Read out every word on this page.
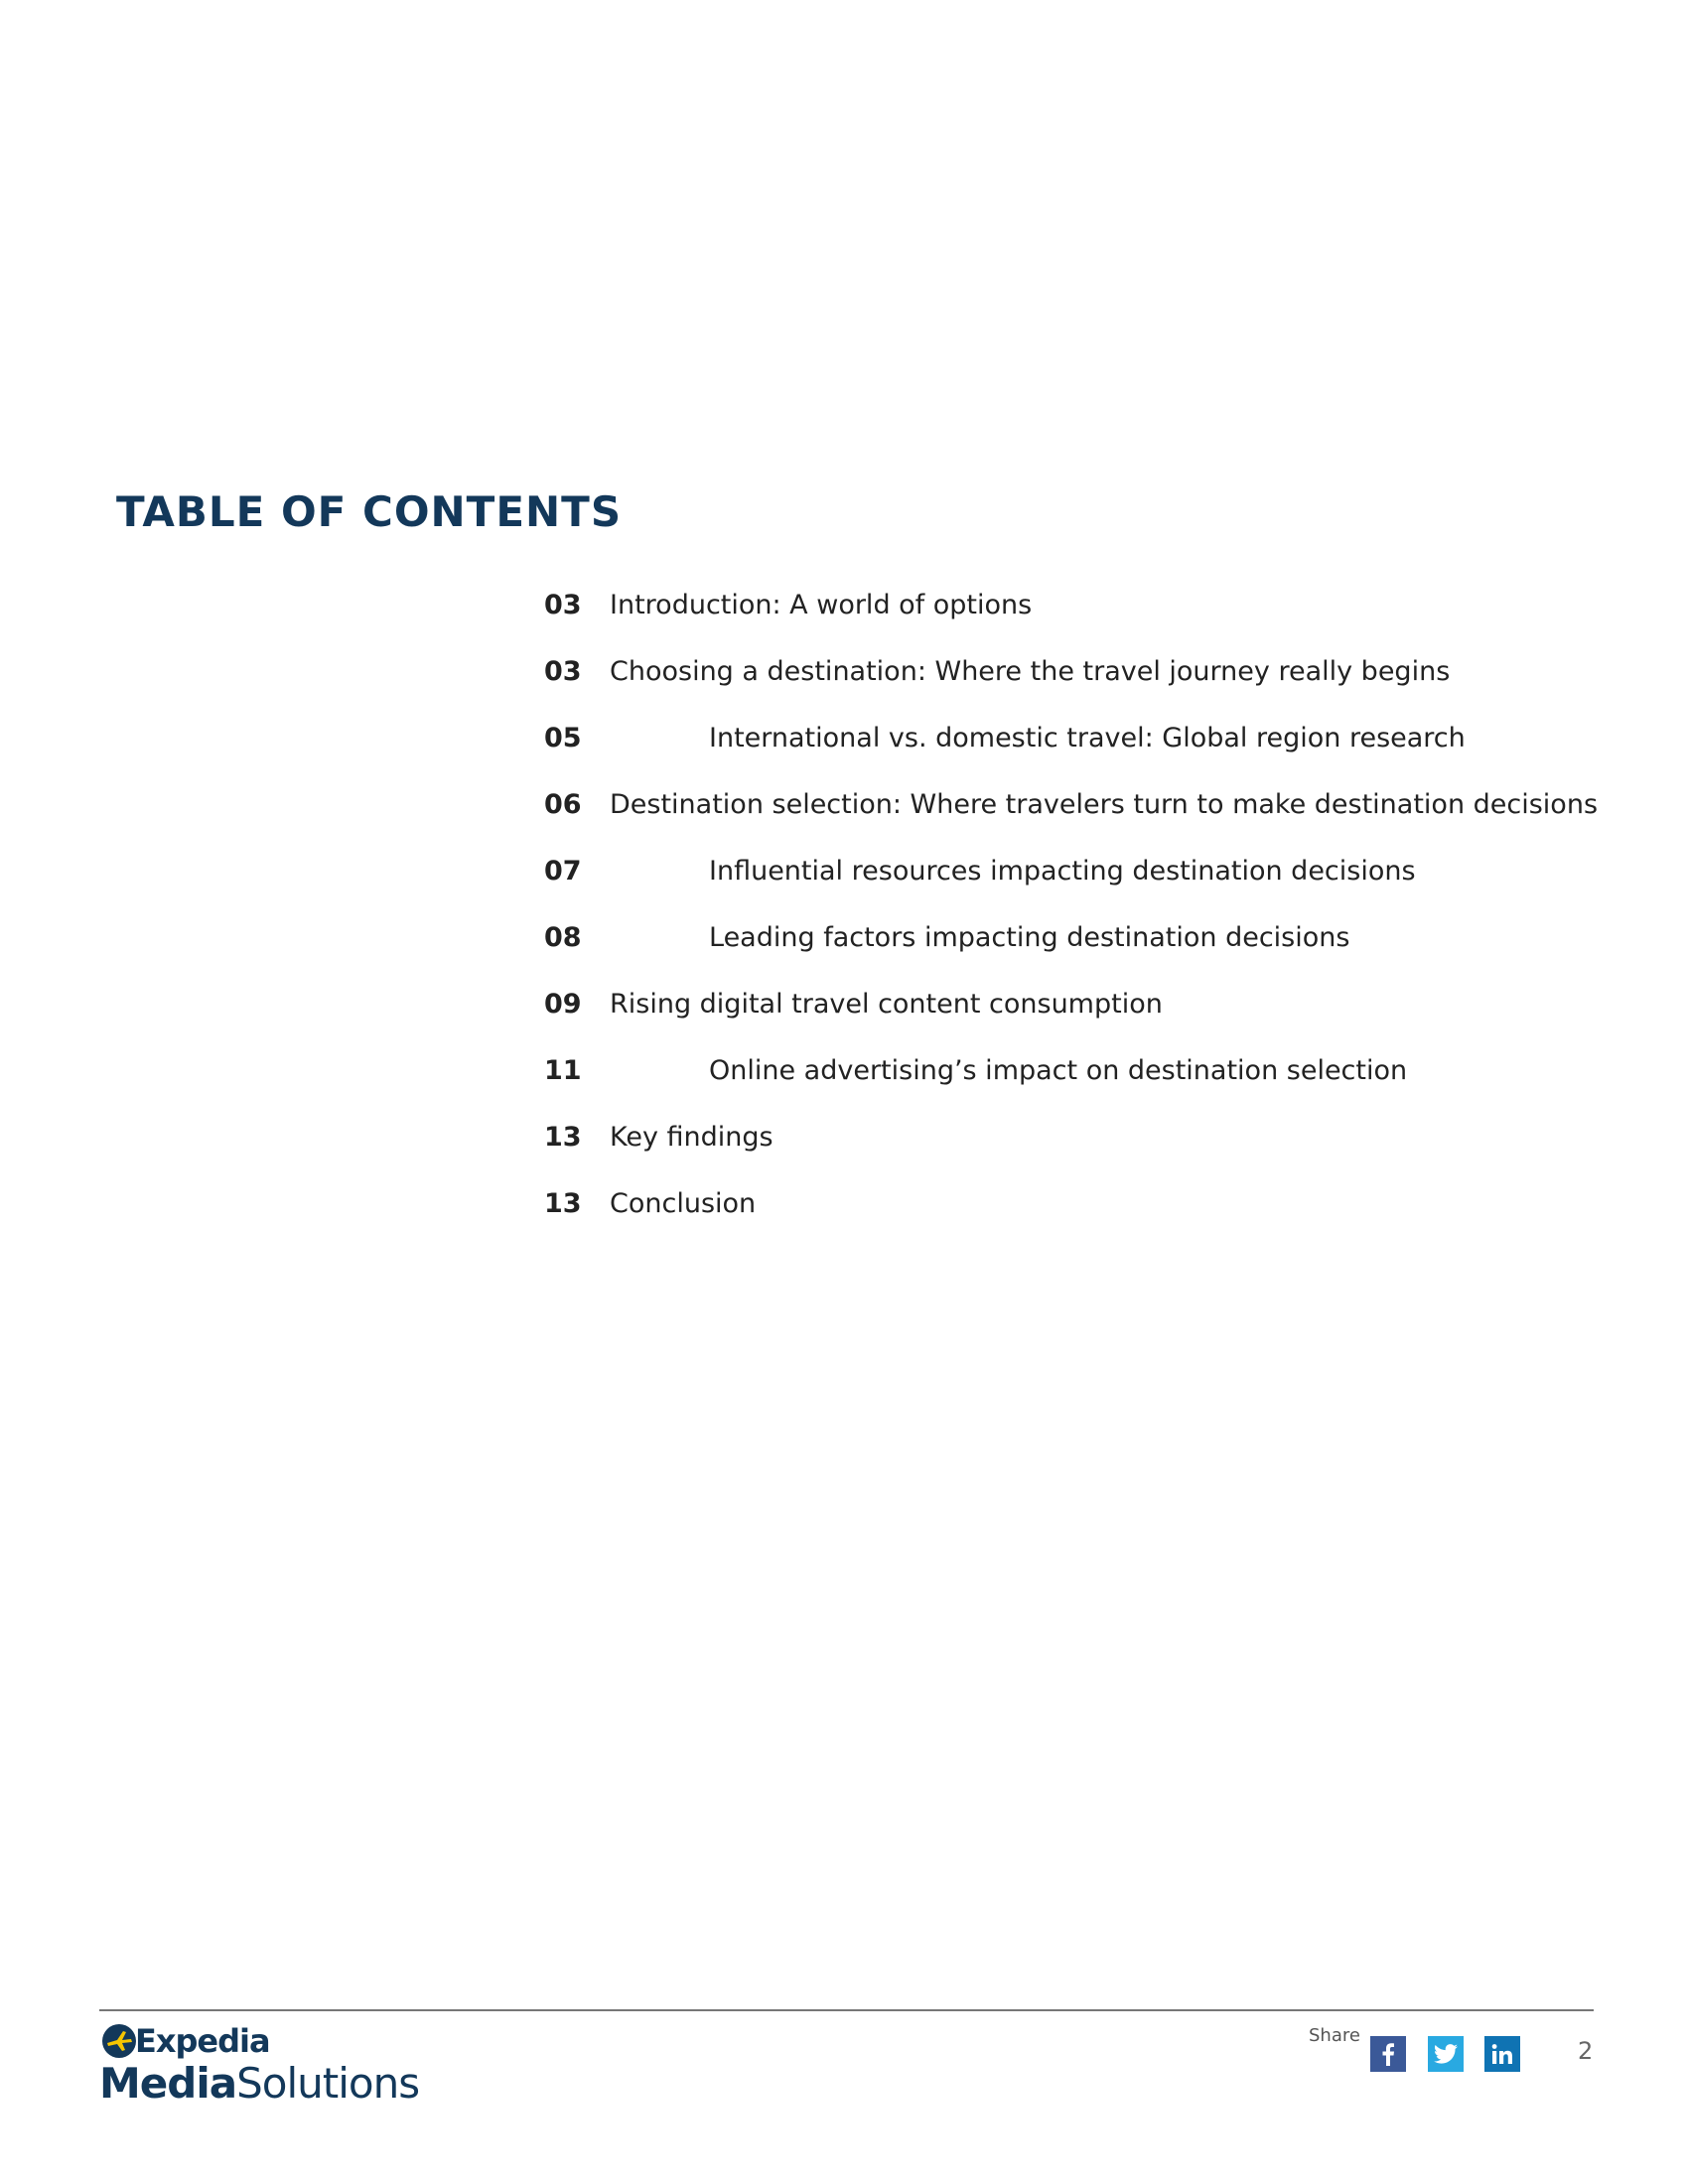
TABLE OF CONTENTS
03	Introduction: A world of options
03	Choosing a destination: Where the travel journey really begins
05	International vs. domestic travel: Global region research
06	Destination selection: Where travelers turn to make destination decisions
07	Influential resources impacting destination decisions
08	Leading factors impacting destination decisions
09	Rising digital travel content consumption
11	Online advertising’s impact on destination selection
13	Key findings
13	Conclusion
Expedia
MediaSolutions
Share
2
